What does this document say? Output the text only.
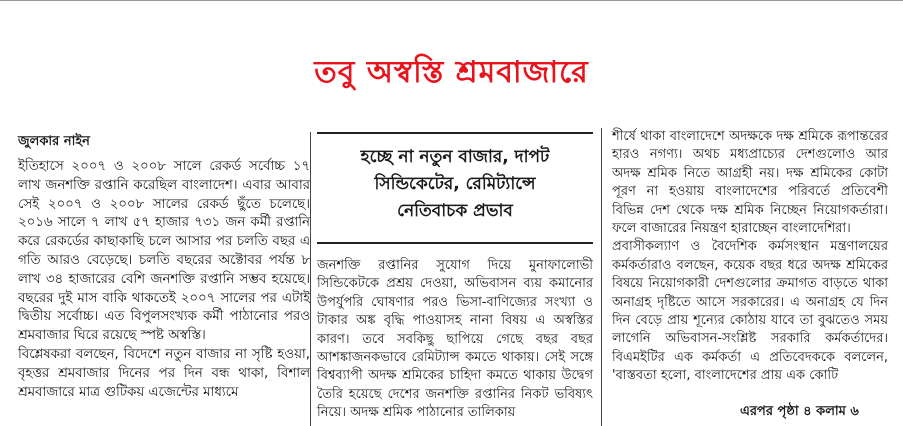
তবু অস্বস্তি শ্রমবাজারে
জুলকার নাইন

ইতিহাসে ২০০৭ ও ২০০৮ সালে রেকর্ড সর্বোচ্চ ১৭ লাখ জনশক্তি রপ্তানি করেছিল বাংলাদেশ। এবার আবার সেই ২০০৭ ও ২০০৮ সালের রেকর্ড ছুঁতে চলেছে। ২০১৬ সালে ৭ লাখ ৫৭ হাজার ৭৩১ জন কর্মী রপ্তানি করে রেকর্ডের কাছাকাছি চলে আসার পর চলতি বছর এ গতি আরও বেড়েছে। চলতি বছরের অক্টোবর পর্যন্ত ৮ লাখ ৩৪ হাজারের বেশি জনশক্তি রপ্তানি সম্ভব হয়েছে। বছরের দুই মাস বাকি থাকতেই ২০০৭ সালের পর এটাই দ্বিতীয় সর্বোচ্চ। এত বিপুলসংখ্যক কর্মী পাঠানোর পরও শ্রমবাজার ঘিরে রয়েছে স্পষ্ট অস্বস্তি।

বিশ্লেষকরা বলছেন, বিদেশে নতুন বাজার না সৃষ্টি হওয়া, বৃহত্তর শ্রমবাজার দিনের পর দিন বন্ধ থাকা, বিশাল শ্রমবাজারে মাত্র গুটিকয় এজেন্টের মাধ্যমে

হচ্ছে না নতুন বাজার, দাপট
সিন্ডিকেটের, রেমিট্যান্সে
নেতিবাচক প্রভাব

জনশক্তি রপ্তানির সুযোগ দিয়ে মুনাফালোভী সিন্ডিকেটকে প্রশ্রয় দেওয়া, অভিবাসন ব্যয় কমানোর উপর্যুপরি ঘোষণার পরও ভিসা-বাণিজ্যের সংখ্যা ও টাকার অঙ্ক বৃদ্ধি পাওয়াসহ নানা বিষয় এ অস্বস্তির কারণ। তবে সবকিছু ছাপিয়ে গেছে বছর বছর আশঙ্কাজনকভাবে রেমিট্যান্স কমতে থাকায়। সেই সঙ্গে বিশ্বব্যাপী অদক্ষ শ্রমিকের চাহিদা কমতে থাকায় উদ্বেগ তৈরি হয়েছে দেশের জনশক্তি রপ্তানির নিকট ভবিষ্যৎ নিয়ে। অদক্ষ শ্রমিক পাঠানোর তালিকায়

শীর্ষে থাকা বাংলাদেশে অদক্ষকে দক্ষ শ্রমিকে রূপান্তরের হারও নগণ্য। অথচ মধ্যপ্রাচ্যের দেশগুলোও আর অদক্ষ শ্রমিক নিতে আগ্রহী নয়। দক্ষ শ্রমিকের কোটা পূরণ না হওয়ায় বাংলাদেশের পরিবর্তে প্রতিবেশী বিভিন্ন দেশ থেকে দক্ষ শ্রমিক নিচ্ছেন নিয়োগকর্তারা। ফলে বাজারের নিয়ন্ত্রণ হারাচ্ছেন বাংলাদেশিরা।

প্রবাসীকল্যাণ ও বৈদেশিক কর্মসংস্থান মন্ত্রণালয়ের কর্মকর্তারাও বলছেন, কয়েক বছর ধরে অদক্ষ শ্রমিকের বিষয়ে নিয়োগকারী দেশগুলোর ক্রমাগত বাড়তে থাকা অনাগ্রহ দৃষ্টিতে আসে সরকারের। এ অনাগ্রহ যে দিন দিন বেড়ে প্রায় শূন্যের কোঠায় যাবে তা বুঝতেও সময় লাগেনি অভিবাসন-সংশ্লিষ্ট সরকারি কর্মকর্তাদের। বিএমইটির এক কর্মকর্তা এ প্রতিবেদককে বললেন, 'বাস্তবতা হলো, বাংলাদেশের প্রায় এক কোটি

এরপর পৃষ্ঠা ৪ কলাম ৬
